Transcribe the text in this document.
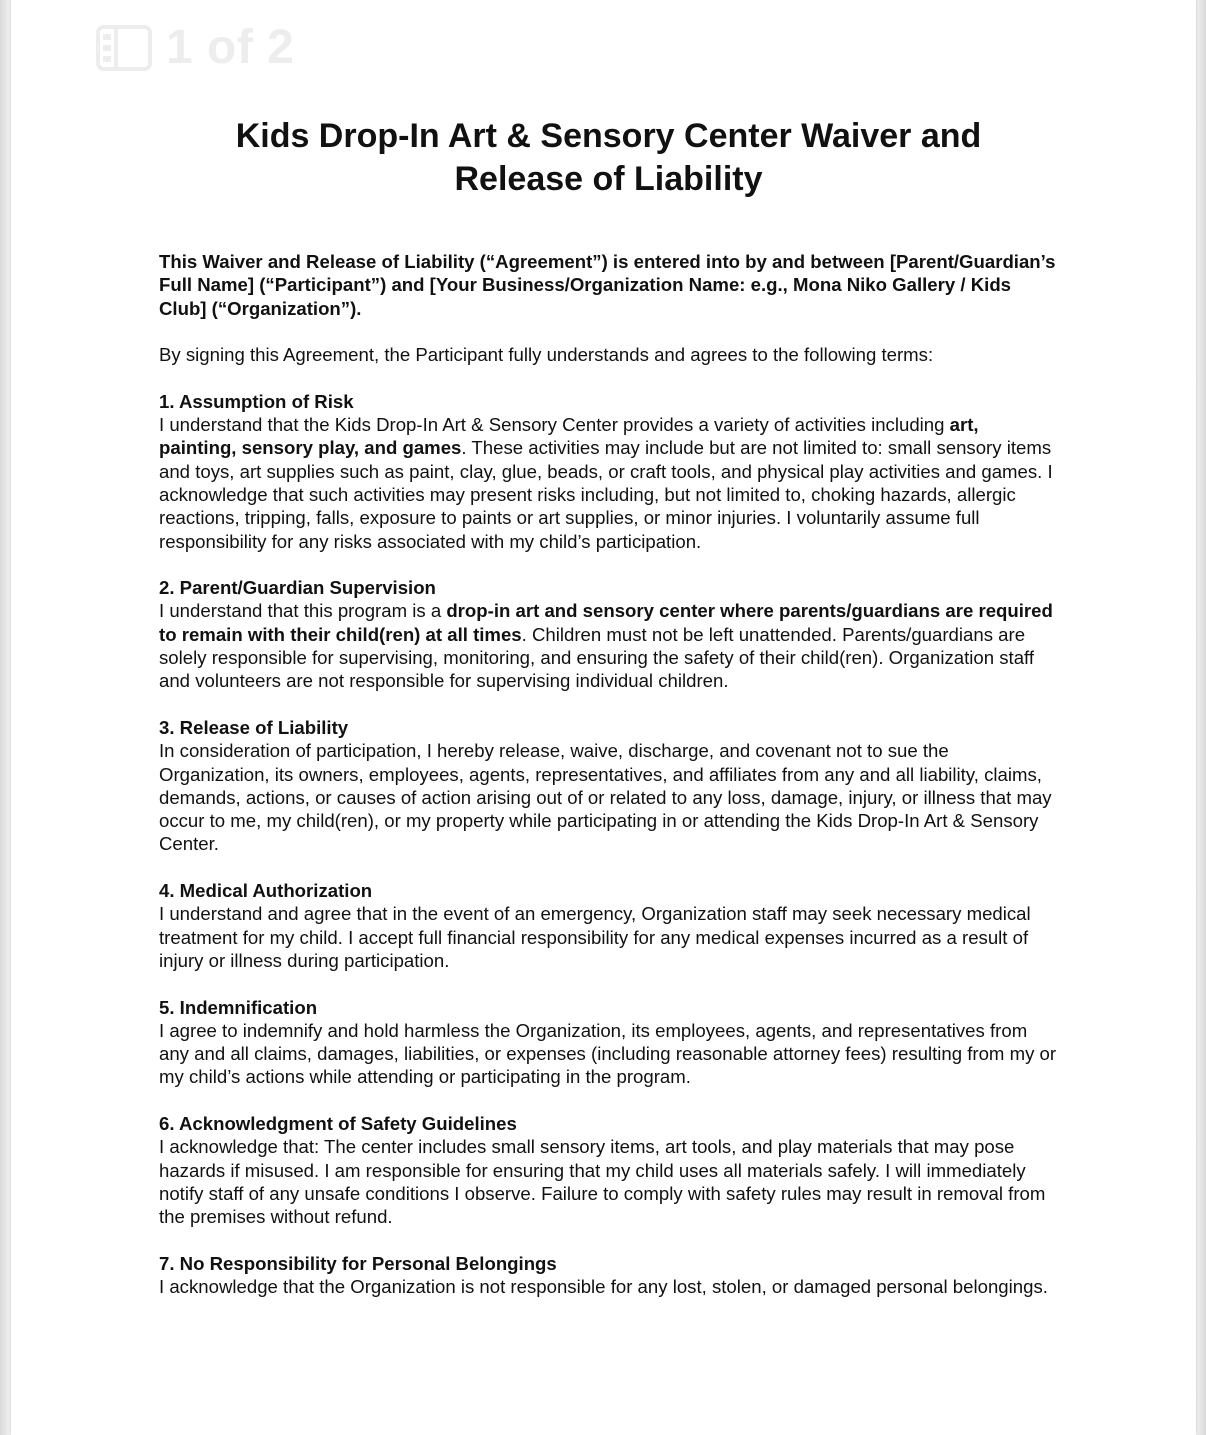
1 of 2
Kids Drop-In Art & Sensory Center Waiver and
Release of Liability

This Waiver and Release of Liability (“Agreement”) is entered into by and between [Parent/Guardian’s Full Name] (“Participant”) and [Your Business/Organization Name: e.g., Mona Niko Gallery / Kids Club] (“Organization”).

By signing this Agreement, the Participant fully understands and agrees to the following terms:

1. Assumption of Risk

I understand that the Kids Drop-In Art & Sensory Center provides a variety of activities including art, painting, sensory play, and games. These activities may include but are not limited to: small sensory items and toys, art supplies such as paint, clay, glue, beads, or craft tools, and physical play activities and games. I acknowledge that such activities may present risks including, but not limited to, choking hazards, allergic reactions, tripping, falls, exposure to paints or art supplies, or minor injuries. I voluntarily assume full responsibility for any risks associated with my child’s participation.

2. Parent/Guardian Supervision

I understand that this program is a drop-in art and sensory center where parents/guardians are required to remain with their child(ren) at all times. Children must not be left unattended. Parents/guardians are solely responsible for supervising, monitoring, and ensuring the safety of their child(ren). Organization staff and volunteers are not responsible for supervising individual children.

3. Release of Liability

In consideration of participation, I hereby release, waive, discharge, and covenant not to sue the Organization, its owners, employees, agents, representatives, and affiliates from any and all liability, claims, demands, actions, or causes of action arising out of or related to any loss, damage, injury, or illness that may occur to me, my child(ren), or my property while participating in or attending the Kids Drop-In Art & Sensory Center.

4. Medical Authorization

I understand and agree that in the event of an emergency, Organization staff may seek necessary medical treatment for my child. I accept full financial responsibility for any medical expenses incurred as a result of injury or illness during participation.

5. Indemnification

I agree to indemnify and hold harmless the Organization, its employees, agents, and representatives from any and all claims, damages, liabilities, or expenses (including reasonable attorney fees) resulting from my or my child’s actions while attending or participating in the program.

6. Acknowledgment of Safety Guidelines

I acknowledge that: The center includes small sensory items, art tools, and play materials that may pose hazards if misused. I am responsible for ensuring that my child uses all materials safely. I will immediately notify staff of any unsafe conditions I observe. Failure to comply with safety rules may result in removal from the premises without refund.

7. No Responsibility for Personal Belongings

I acknowledge that the Organization is not responsible for any lost, stolen, or damaged personal belongings.
